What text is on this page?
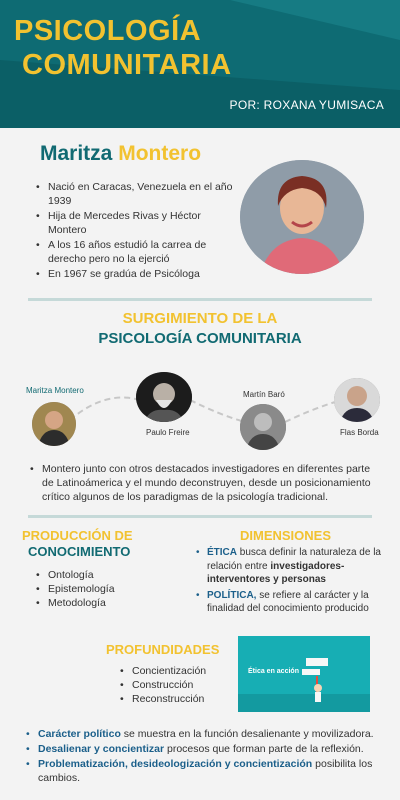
PSICOLOGÍA
COMUNITARIA
POR: ROXANA YUMISACA
Maritza Montero
• Nació en Caracas, Venezuela en el año 1939
• Hija de Mercedes Rivas y Héctor Montero
• A los 16 años estudió la carrea de derecho pero no la ejerció
• En 1967 se gradúa de Psicóloga
SURGIMIENTO DE LA
PSICOLOGÍA COMUNITARIA
Maritza Montero
Paulo Freire
Martín Baró
Flas Borda
• Montero junto con otros destacados investigadores en diferentes parte de Latinoámerica y el mundo deconstruyen, desde un posicionamiento crítico algunos de los paradigmas de la psicología tradicional.
PRODUCCIÓN DE
CONOCIMIENTO
• Ontología
• Epistemología
• Metodología
DIMENSIONES
• ÉTICA busca definir la naturaleza de la relación entre investigadores-interventores y personas
• POLÍTICA, se refiere al carácter y la finalidad del conocimiento producido
PROFUNDIDADES
• Concientización
• Construcción
• Reconstrucción
Ética en acción
• Carácter político se muestra en la función desalienante y movilizadora.
• Desalienar y concientizar procesos que forman parte de la reflexión.
• Problematización, desideologización y concientización posibilita los cambios.
